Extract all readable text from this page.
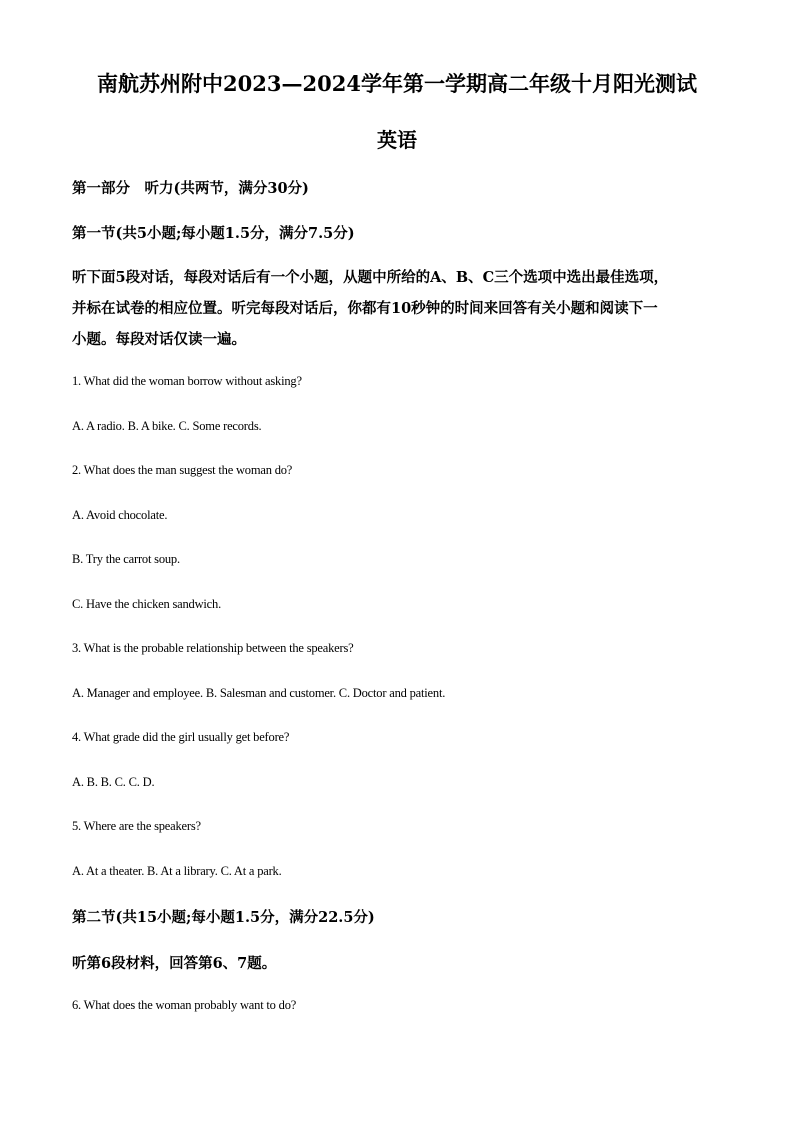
南航苏州附中2023—2024学年第一学期高二年级十月阳光测试
英语
第一部分　听力(共两节，满分30分)
第一节(共5小题;每小题1.5分，满分7.5分)
听下面5段对话，每段对话后有一个小题，从题中所给的A、B、C三个选项中选出最佳选项，
并标在试卷的相应位置。听完每段对话后，你都有10秒钟的时间来回答有关小题和阅读下一
小题。每段对话仅读一遍。
1. What did the woman borrow without asking?
A. A radio. B. A bike. C. Some records.
2. What does the man suggest the woman do?
A. Avoid chocolate.
B. Try the carrot soup.
C. Have the chicken sandwich.
3. What is the probable relationship between the speakers?
A. Manager and employee. B. Salesman and customer. C. Doctor and patient.
4. What grade did the girl usually get before?
A. B. B. C. C. D.
5. Where are the speakers?
A. At a theater. B. At a library. C. At a park.
第二节(共15小题;每小题1.5分，满分22.5分)
听第6段材料，回答第6、7题。
6. What does the woman probably want to do?
